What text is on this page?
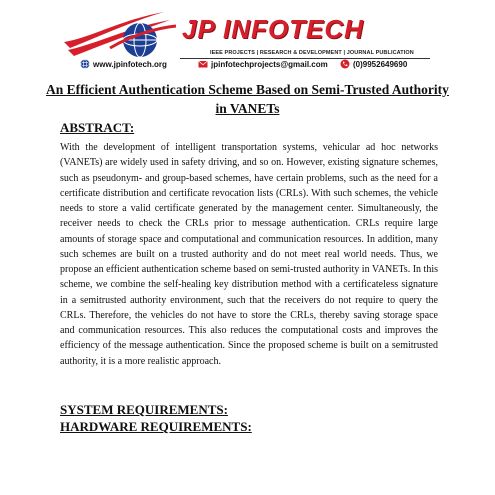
JP INFOTECH
IEEE PROJECTS | RESEARCH & DEVELOPMENT | JOURNAL PUBLICATION
www.jpinfotech.org	jpinfotechprojects@gmail.com	(0)9952649690
An Efficient Authentication Scheme Based on Semi-Trusted Authority in VANETs
ABSTRACT:

With the development of intelligent transportation systems, vehicular ad hoc networks (VANETs) are widely used in safety driving, and so on. However, existing signature schemes, such as pseudonym- and group-based schemes, have certain problems, such as the need for a certificate distribution and certificate revocation lists (CRLs). With such schemes, the vehicle needs to store a valid certificate generated by the management center. Simultaneously, the receiver needs to check the CRLs prior to message authentication. CRLs require large amounts of storage space and computational and communication resources. In addition, many such schemes are built on a trusted authority and do not meet real world needs. Thus, we propose an efficient authentication scheme based on semi-trusted authority in VANETs. In this scheme, we combine the self-healing key distribution method with a certificateless signature in a semitrusted authority environment, such that the receivers do not require to query the CRLs. Therefore, the vehicles do not have to store the CRLs, thereby saving storage space and communication resources. This also reduces the computational costs and improves the efficiency of the message authentication. Since the proposed scheme is built on a semitrusted authority, it is a more realistic approach.

SYSTEM REQUIREMENTS:
HARDWARE REQUIREMENTS:
